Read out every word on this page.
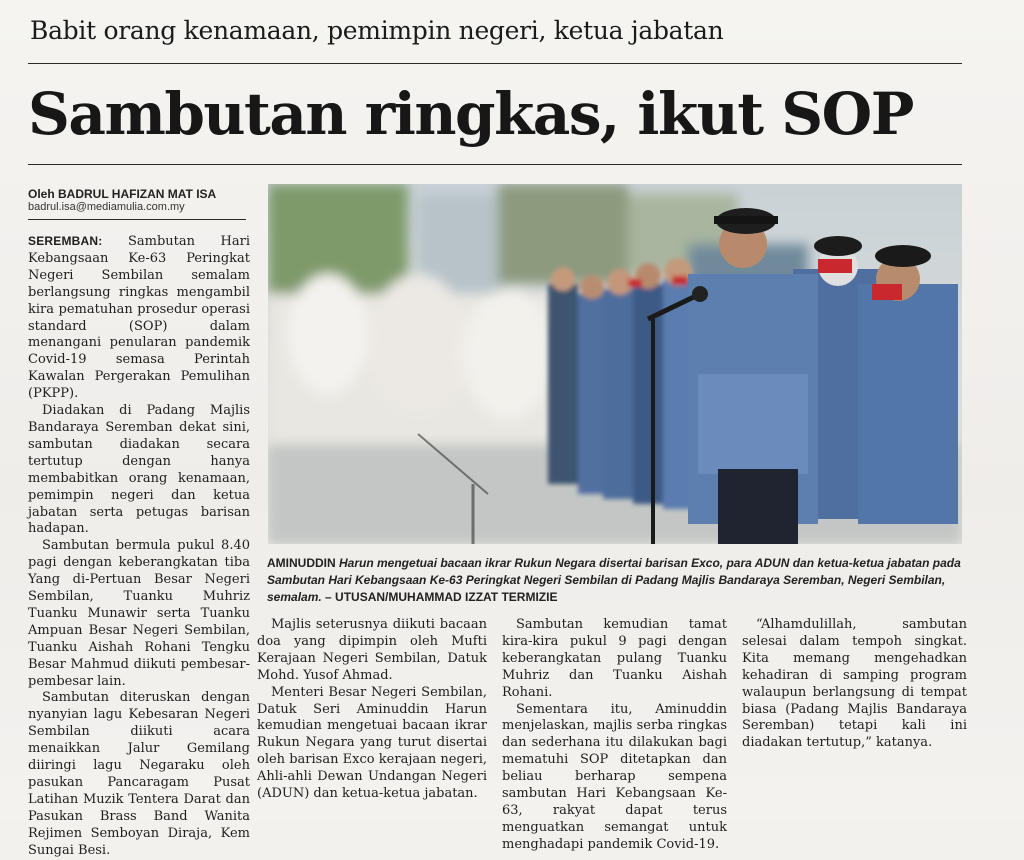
Babit orang kenamaan, pemimpin negeri, ketua jabatan
Sambutan ringkas, ikut SOP
Oleh BADRUL HAFIZAN MAT ISA
badrul.isa@mediamulia.com.my

SEREMBAN: Sambutan Hari Kebangsaan Ke-63 Peringkat Negeri Sembilan semalam berlangsung ringkas mengambil kira pematuhan prosedur operasi standard (SOP) dalam menangani penularan pandemik Covid-19 semasa Perintah Kawalan Pergerakan Pemulihan (PKPP).

Diadakan di Padang Majlis Bandaraya Seremban dekat sini, sambutan diadakan secara tertutup dengan hanya membabitkan orang kenamaan, pemimpin negeri dan ketua jabatan serta petugas barisan hadapan.

Sambutan bermula pukul 8.40 pagi dengan keberangkatan tiba Yang di-Pertuan Besar Negeri Sembilan, Tuanku Muhriz Tuanku Munawir serta Tuanku Ampuan Besar Negeri Sembilan, Tuanku Aishah Rohani Tengku Besar Mahmud diikuti pembesar-pembesar lain.

Sambutan diteruskan dengan nyanyian lagu Kebesaran Negeri Sembilan diikuti acara menaikkan Jalur Gemilang diiringi lagu Negaraku oleh pasukan Pancaragam Pusat Latihan Muzik Tentera Darat dan Pasukan Brass Band Wanita Rejimen Semboyan Diraja, Kem Sungai Besi.

AMINUDDIN Harun mengetuai bacaan ikrar Rukun Negara disertai barisan Exco, para ADUN dan ketua-ketua jabatan pada Sambutan Hari Kebangsaan Ke-63 Peringkat Negeri Sembilan di Padang Majlis Bandaraya Seremban, Negeri Sembilan, semalam. – UTUSAN/MUHAMMAD IZZAT TERMIZIE

Majlis seterusnya diikuti bacaan doa yang dipimpin oleh Mufti Kerajaan Negeri Sembilan, Datuk Mohd. Yusof Ahmad.

Menteri Besar Negeri Sembilan, Datuk Seri Aminuddin Harun kemudian mengetuai bacaan ikrar Rukun Negara yang turut disertai oleh barisan Exco kerajaan negeri, Ahli-ahli Dewan Undangan Negeri (ADUN) dan ketua-ketua jabatan.

Sambutan kemudian tamat kira-kira pukul 9 pagi dengan keberangkatan pulang Tuanku Muhriz dan Tuanku Aishah Rohani.

Sementara itu, Aminuddin menjelaskan, majlis serba ringkas dan sederhana itu dilakukan bagi mematuhi SOP ditetapkan dan beliau berharap sempena sambutan Hari Kebangsaan Ke-63, rakyat dapat terus menguatkan semangat untuk menghadapi pandemik Covid-19.

“Alhamdulillah, sambutan selesai dalam tempoh singkat. Kita memang mengehadkan kehadiran di samping program walaupun berlangsung di tempat biasa (Padang Majlis Bandaraya Seremban) tetapi kali ini diadakan tertutup,” katanya.
